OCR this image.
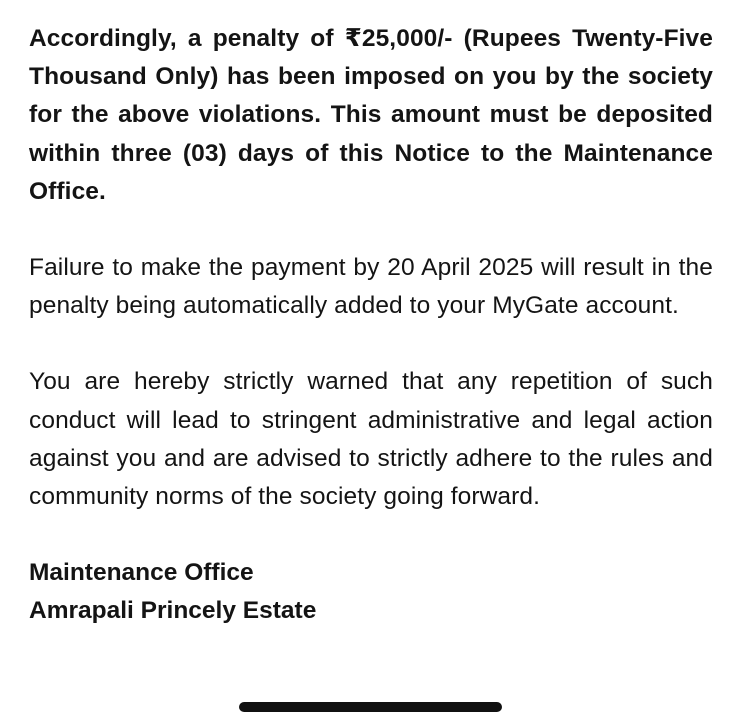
Accordingly, a penalty of ₹25,000/- (Rupees Twenty-Five Thousand Only) has been imposed on you by the society for the above violations. This amount must be deposited within three (03) days of this Notice to the Maintenance Office.

Failure to make the payment by 20 April 2025 will result in the penalty being automatically added to your MyGate account.

You are hereby strictly warned that any repetition of such conduct will lead to stringent administrative and legal action against you and are advised to strictly adhere to the rules and community norms of the society going forward.

Maintenance Office
Amrapali Princely Estate
